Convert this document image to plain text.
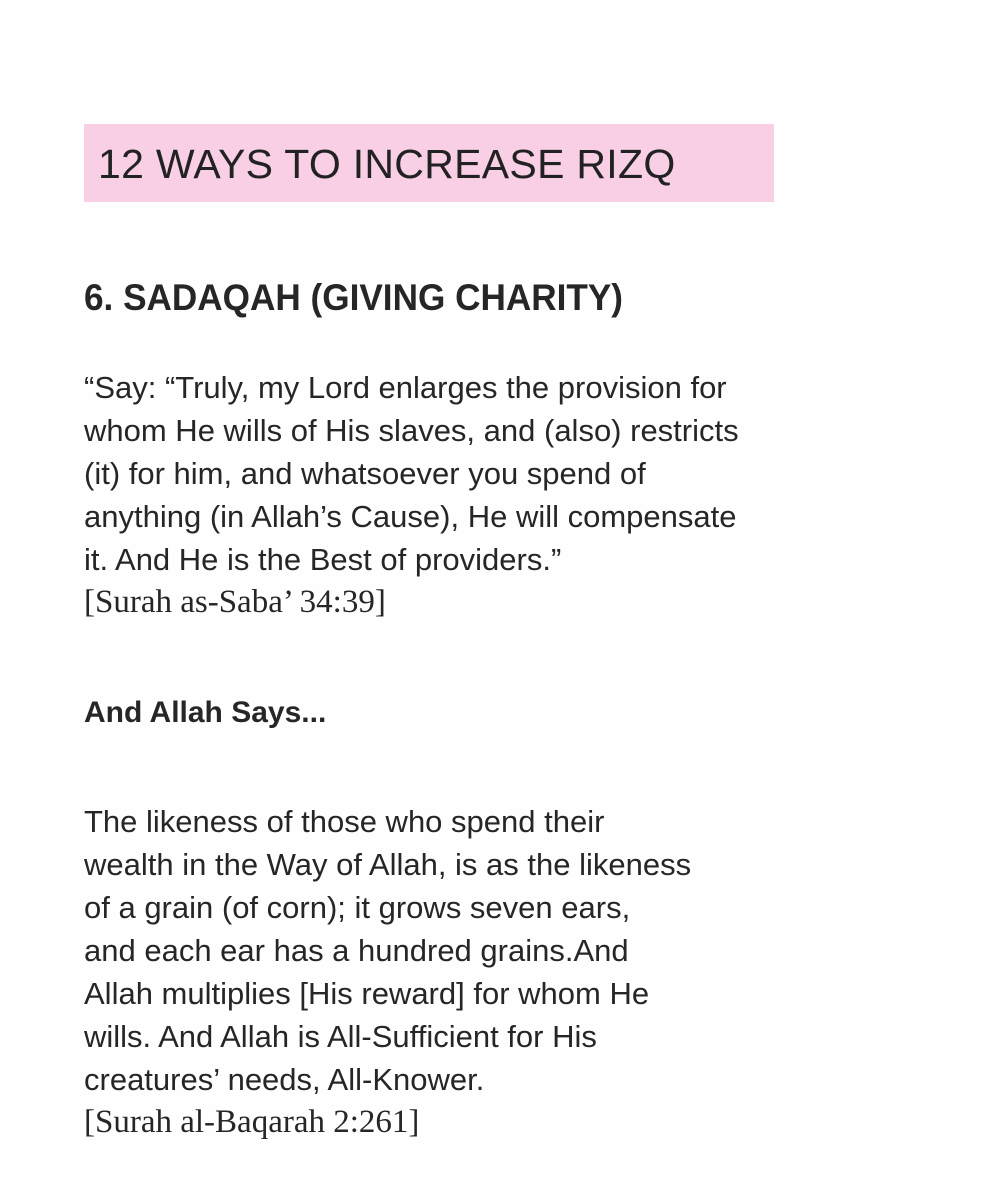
12 WAYS TO INCREASE RIZQ
6. SADAQAH (GIVING CHARITY)
“Say: “Truly, my Lord enlarges the provision for
whom He wills of His slaves, and (also) restricts
(it) for him, and whatsoever you spend of
anything (in Allah’s Cause), He will compensate
it. And He is the Best of providers.”
[Surah as-Saba’ 34:39]
And Allah Says...
The likeness of those who spend their
wealth in the Way of Allah, is as the likeness
of a grain (of corn); it grows seven ears,
and each ear has a hundred grains.And
Allah multiplies [His reward] for whom He
wills. And Allah is All-Sufficient for His
creatures’ needs, All-Knower.
[Surah al-Baqarah 2:261]
